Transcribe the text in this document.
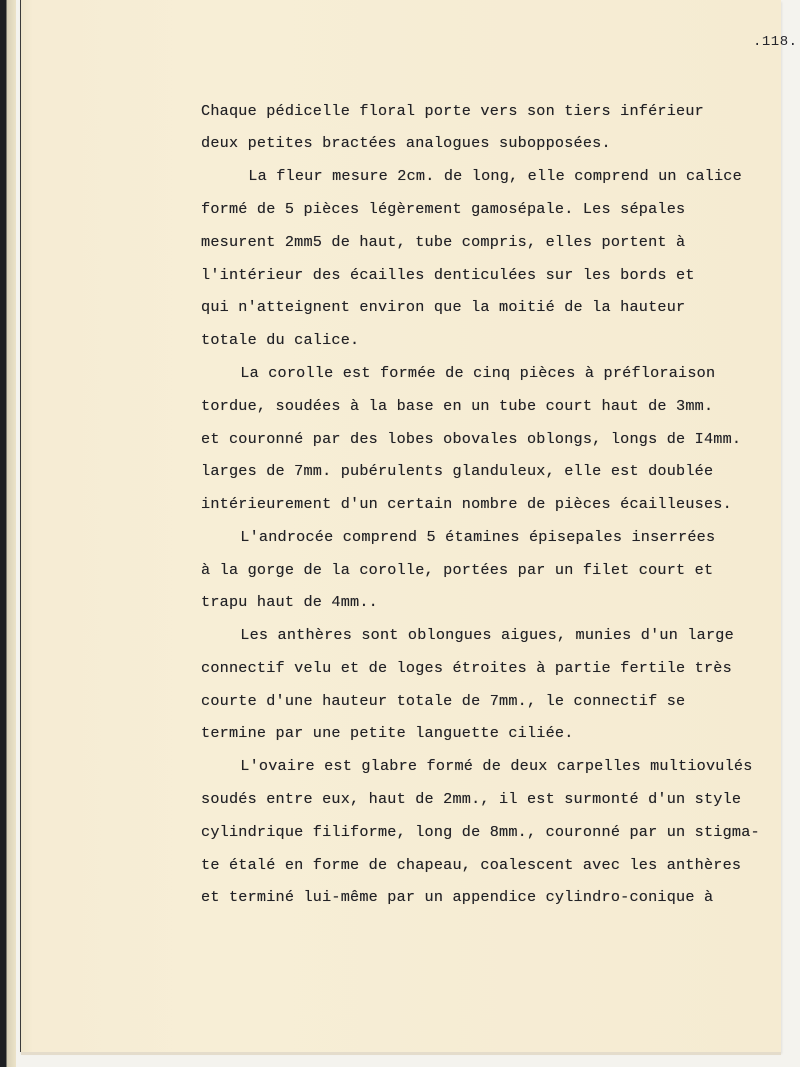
.118.

Chaque pédicelle floral porte vers son tiers inférieur

deux petites bractées analogues subopposées.

La fleur mesure 2cm. de long, elle comprend un calice

formé de 5 pièces légèrement gamosépale. Les sépales

mesurent 2mm5 de haut, tube compris, elles portent à

l'intérieur des écailles denticulées sur les bords et

qui n'atteignent environ que la moitié de la hauteur

totale du calice.

La corolle est formée de cinq pièces à préfloraison

tordue, soudées à la base en un tube court haut de 3mm.

et couronné par des lobes obovales oblongs, longs de I4mm.

larges de 7mm. pubérulents glanduleux, elle est doublée

intérieurement d'un certain nombre de pièces écailleuses.

L'androcée comprend 5 étamines épisepales inserrées

à la gorge de la corolle, portées par un filet court et

trapu haut de 4mm..

Les anthères sont oblongues aigues, munies d'un large

connectif velu et de loges étroites à partie fertile très

courte d'une hauteur totale de 7mm., le connectif se

termine par une petite languette ciliée.

L'ovaire est glabre formé de deux carpelles multiovulés

soudés entre eux, haut de 2mm., il est surmonté d'un style

cylindrique filiforme, long de 8mm., couronné par un stigma-

te étalé en forme de chapeau, coalescent avec les anthères

et terminé lui-même par un appendice cylindro-conique à
